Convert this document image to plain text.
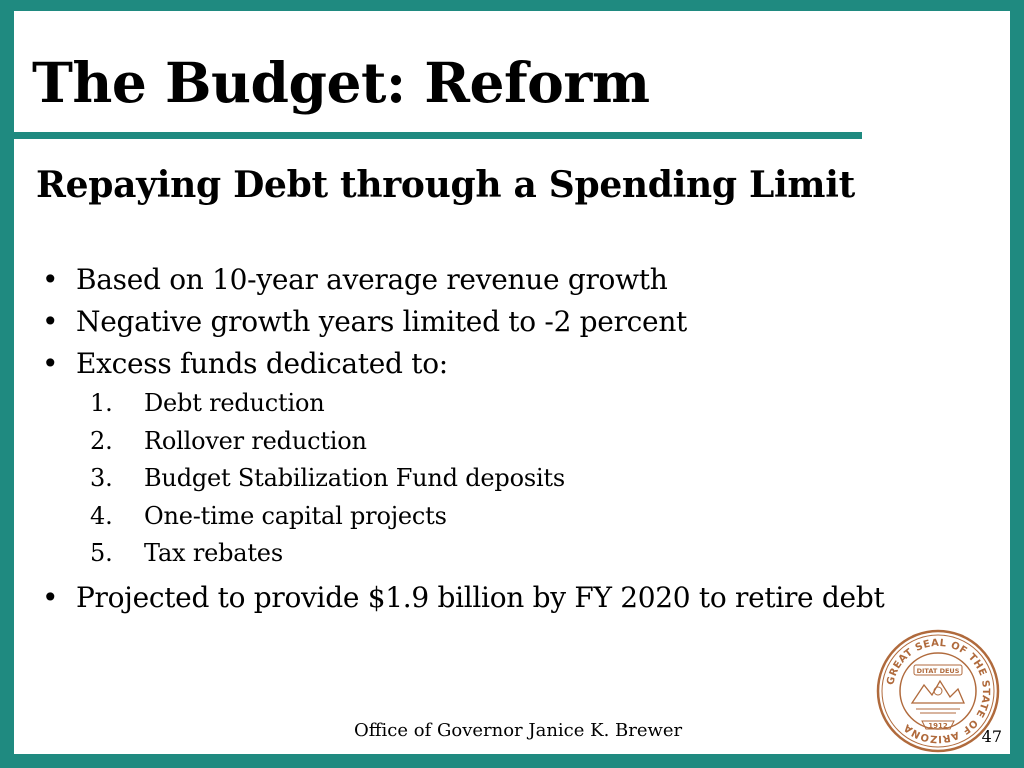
The Budget: Reform
Repaying Debt through a Spending Limit
• Based on 10-year average revenue growth
• Negative growth years limited to -2 percent
• Excess funds dedicated to:
1. Debt reduction
2. Rollover reduction
3. Budget Stabilization Fund deposits
4. One-time capital projects
5. Tax rebates
• Projected to provide $1.9 billion by FY 2020 to retire debt
GREAT SEAL OF THE STATE OF ARIZONA
DITAT DEUS
1912
Office of Governor Janice K. Brewer	47
